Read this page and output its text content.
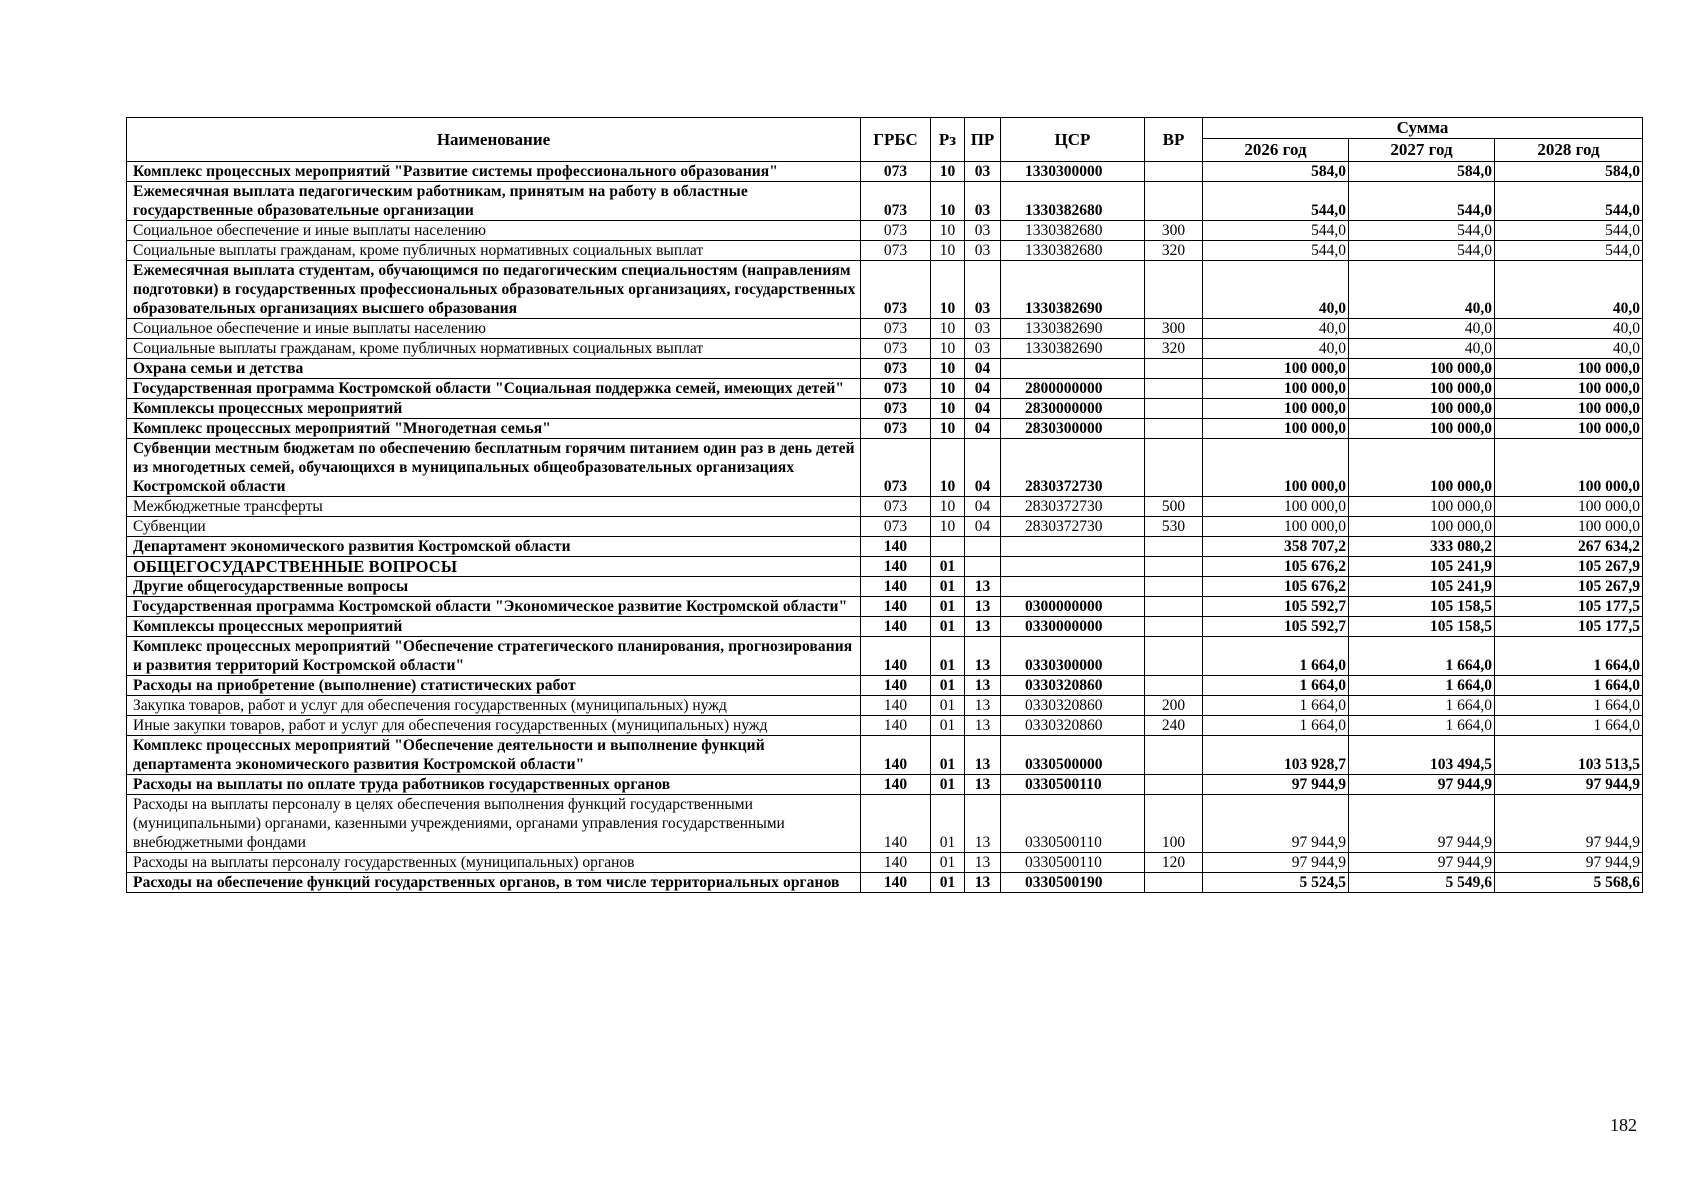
Наименование	ГРБС	Рз	ПР	ЦСР	ВР	Сумма		
						2026 год	2027 год	2028 год
Комплекс процессных мероприятий "Развитие системы профессионального образования"	073	10	03	1330300000		584,0	584,0	584,0
Ежемесячная выплата педагогическим работникам, принятым на работу в областные государственные образовательные организации	073	10	03	1330382680		544,0	544,0	544,0
Социальное обеспечение и иные выплаты населению	073	10	03	1330382680	300	544,0	544,0	544,0
Социальные выплаты гражданам, кроме публичных нормативных социальных выплат	073	10	03	1330382680	320	544,0	544,0	544,0
Ежемесячная выплата студентам, обучающимся по педагогическим специальностям (направлениям подготовки) в государственных профессиональных образовательных организациях, государственных образовательных организациях высшего образования	073	10	03	1330382690		40,0	40,0	40,0
Социальное обеспечение и иные выплаты населению	073	10	03	1330382690	300	40,0	40,0	40,0
Социальные выплаты гражданам, кроме публичных нормативных социальных выплат	073	10	03	1330382690	320	40,0	40,0	40,0
Охрана семьи и детства	073	10	04			100 000,0	100 000,0	100 000,0
Государственная программа Костромской области "Социальная поддержка семей, имеющих детей"	073	10	04	2800000000		100 000,0	100 000,0	100 000,0
Комплексы процессных мероприятий	073	10	04	2830000000		100 000,0	100 000,0	100 000,0
Комплекс процессных мероприятий "Многодетная семья"	073	10	04	2830300000		100 000,0	100 000,0	100 000,0
Субвенции местным бюджетам по обеспечению бесплатным горячим питанием один раз в день детей из многодетных семей, обучающихся в муниципальных общеобразовательных организациях Костромской области	073	10	04	2830372730		100 000,0	100 000,0	100 000,0
Межбюджетные трансферты	073	10	04	2830372730	500	100 000,0	100 000,0	100 000,0
Субвенции	073	10	04	2830372730	530	100 000,0	100 000,0	100 000,0
Департамент экономического развития Костромской области	140					358 707,2	333 080,2	267 634,2
ОБЩЕГОСУДАРСТВЕННЫЕ ВОПРОСЫ	140	01				105 676,2	105 241,9	105 267,9
Другие общегосударственные вопросы	140	01	13			105 676,2	105 241,9	105 267,9
Государственная программа Костромской области "Экономическое развитие Костромской области"	140	01	13	0300000000		105 592,7	105 158,5	105 177,5
Комплексы процессных мероприятий	140	01	13	0330000000		105 592,7	105 158,5	105 177,5
Комплекс процессных мероприятий "Обеспечение стратегического планирования, прогнозирования и развития территорий Костромской области"	140	01	13	0330300000		1 664,0	1 664,0	1 664,0
Расходы на приобретение (выполнение) статистических работ	140	01	13	0330320860		1 664,0	1 664,0	1 664,0
Закупка товаров, работ и услуг для обеспечения государственных (муниципальных) нужд	140	01	13	0330320860	200	1 664,0	1 664,0	1 664,0
Иные закупки товаров, работ и услуг для обеспечения государственных (муниципальных) нужд	140	01	13	0330320860	240	1 664,0	1 664,0	1 664,0
Комплекс процессных мероприятий "Обеспечение деятельности и выполнение функций департамента экономического развития Костромской области"	140	01	13	0330500000		103 928,7	103 494,5	103 513,5
Расходы на выплаты по оплате труда работников государственных органов	140	01	13	0330500110		97 944,9	97 944,9	97 944,9
Расходы на выплаты персоналу в целях обеспечения выполнения функций государственными (муниципальными) органами, казенными учреждениями, органами управления государственными внебюджетными фондами	140	01	13	0330500110	100	97 944,9	97 944,9	97 944,9
Расходы на выплаты персоналу государственных (муниципальных) органов	140	01	13	0330500110	120	97 944,9	97 944,9	97 944,9
Расходы на обеспечение функций государственных органов, в том числе территориальных органов	140	01	13	0330500190		5 524,5	5 549,6	5 568,6
182
